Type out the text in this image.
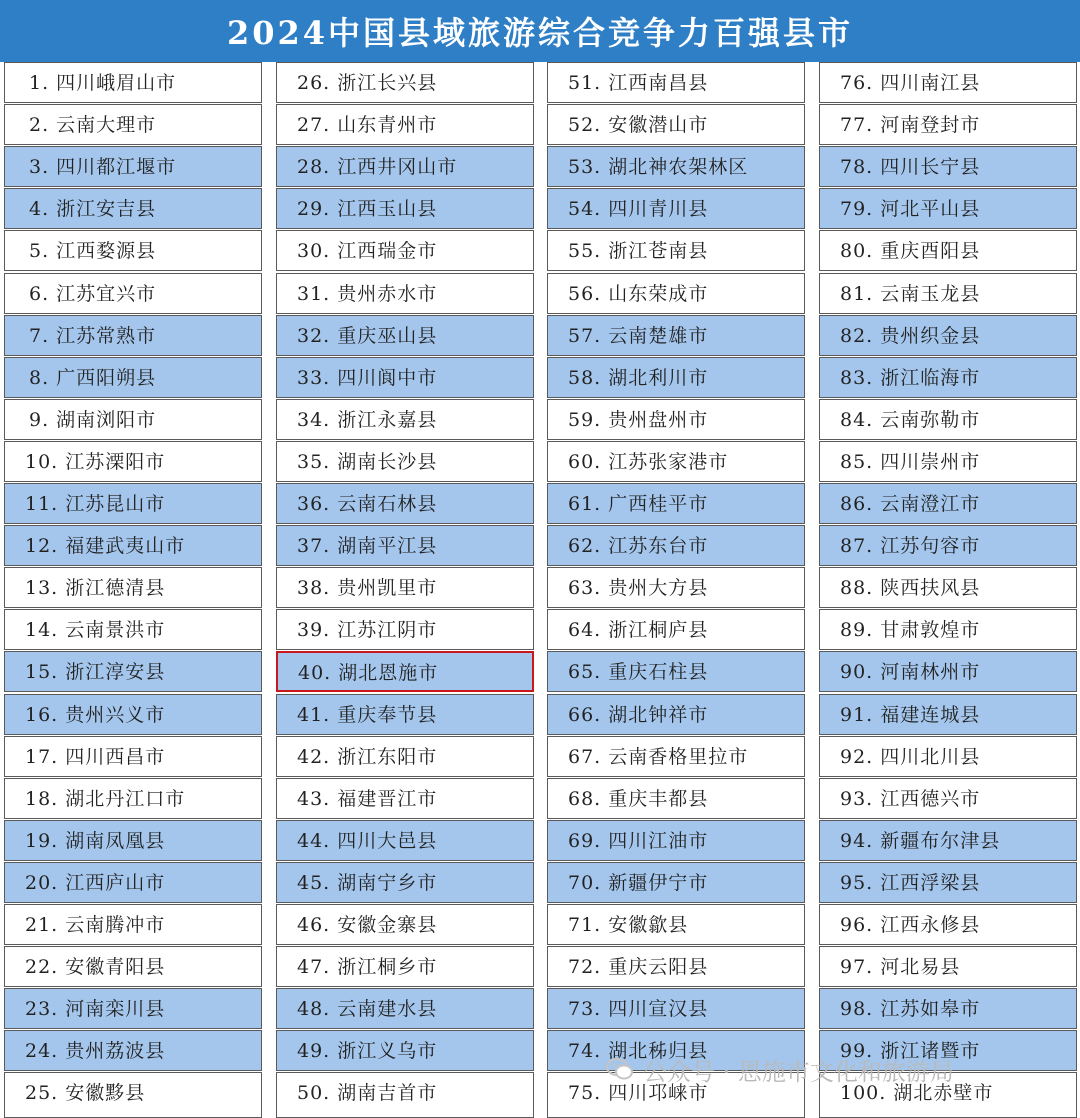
2024中国县域旅游综合竞争力百强县市
1. 四川峨眉山市
2. 云南大理市
3. 四川都江堰市
4. 浙江安吉县
5. 江西婺源县
6. 江苏宜兴市
7. 江苏常熟市
8. 广西阳朔县
9. 湖南浏阳市
10. 江苏溧阳市
11. 江苏昆山市
12. 福建武夷山市
13. 浙江德清县
14. 云南景洪市
15. 浙江淳安县
16. 贵州兴义市
17. 四川西昌市
18. 湖北丹江口市
19. 湖南凤凰县
20. 江西庐山市
21. 云南腾冲市
22. 安徽青阳县
23. 河南栾川县
24. 贵州荔波县
25. 安徽黟县
26. 浙江长兴县
27. 山东青州市
28. 江西井冈山市
29. 江西玉山县
30. 江西瑞金市
31. 贵州赤水市
32. 重庆巫山县
33. 四川阆中市
34. 浙江永嘉县
35. 湖南长沙县
36. 云南石林县
37. 湖南平江县
38. 贵州凯里市
39. 江苏江阴市
40. 湖北恩施市
41. 重庆奉节县
42. 浙江东阳市
43. 福建晋江市
44. 四川大邑县
45. 湖南宁乡市
46. 安徽金寨县
47. 浙江桐乡市
48. 云南建水县
49. 浙江义乌市
50. 湖南吉首市
51. 江西南昌县
52. 安徽潜山市
53. 湖北神农架林区
54. 四川青川县
55. 浙江苍南县
56. 山东荣成市
57. 云南楚雄市
58. 湖北利川市
59. 贵州盘州市
60. 江苏张家港市
61. 广西桂平市
62. 江苏东台市
63. 贵州大方县
64. 浙江桐庐县
65. 重庆石柱县
66. 湖北钟祥市
67. 云南香格里拉市
68. 重庆丰都县
69. 四川江油市
70. 新疆伊宁市
71. 安徽歙县
72. 重庆云阳县
73. 四川宣汉县
74. 湖北秭归县
75. 四川邛崃市
76. 四川南江县
77. 河南登封市
78. 四川长宁县
79. 河北平山县
80. 重庆酉阳县
81. 云南玉龙县
82. 贵州织金县
83. 浙江临海市
84. 云南弥勒市
85. 四川崇州市
86. 云南澄江市
87. 江苏句容市
88. 陕西扶风县
89. 甘肃敦煌市
90. 河南林州市
91. 福建连城县
92. 四川北川县
93. 江西德兴市
94. 新疆布尔津县
95. 江西浮梁县
96. 江西永修县
97. 河北易县
98. 江苏如皋市
99. 浙江诸暨市
100. 湖北赤壁市
公众号 · 恩施市文化和旅游局
